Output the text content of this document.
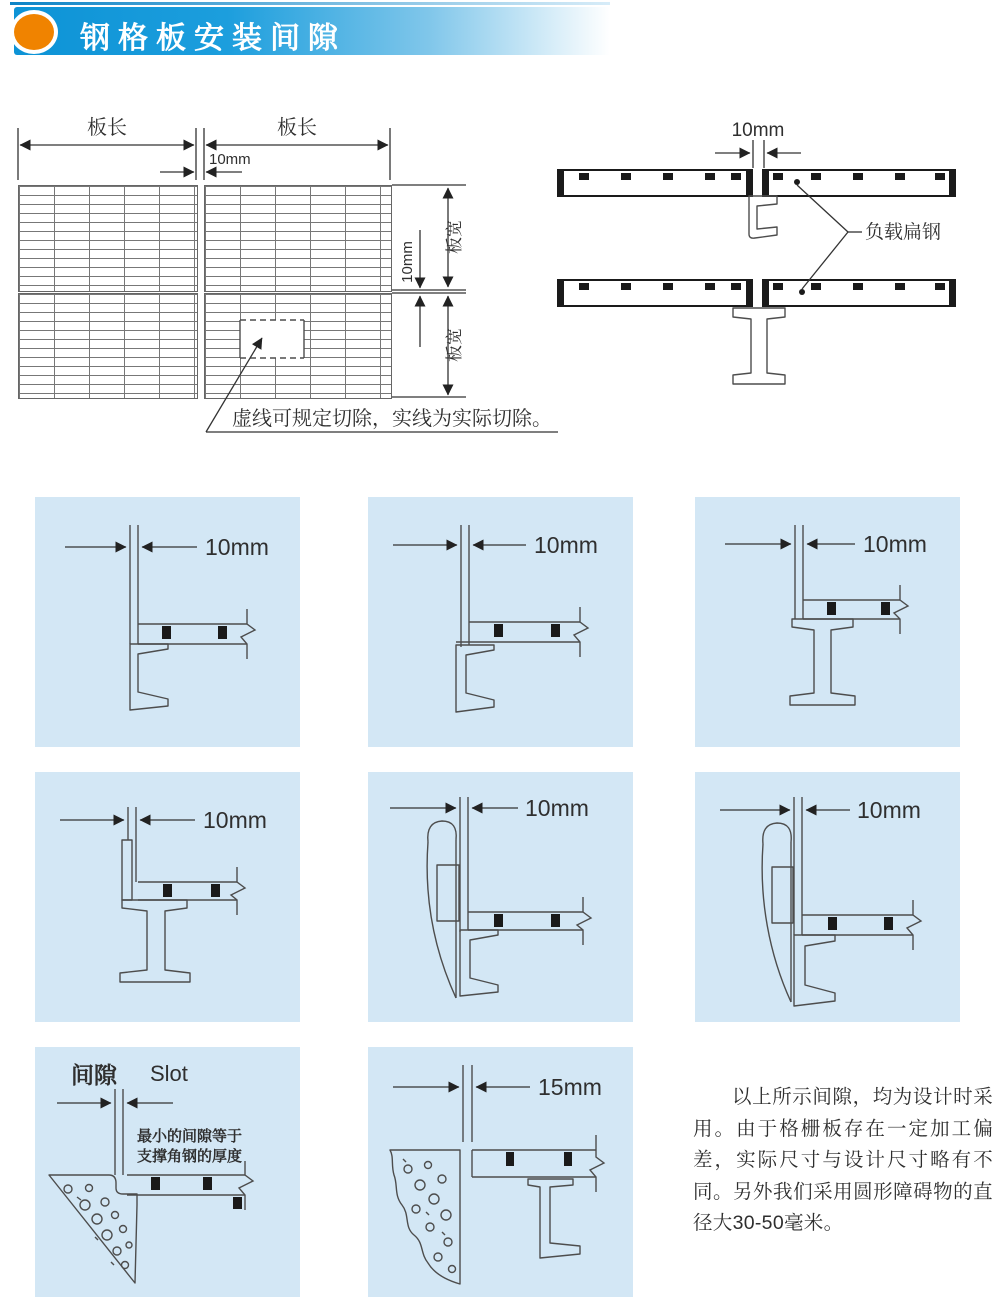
钢格板安装间隙
板长	板长
10mm
10mm
板宽
板宽
虚线可规定切除，实线为实际切除。
10mm
负载扁钢
10mm	10mm	10mm
10mm	10mm	10mm
间隙 Slot
最小的间隙等于
支撑角钢的厚度
15mm	以上所示间隙，均为设计时采用。由于格栅板存在一定加工偏差，实际尺寸与设计尺寸略有不同。另外我们采用圆形障碍物的直径大30-50毫米。
